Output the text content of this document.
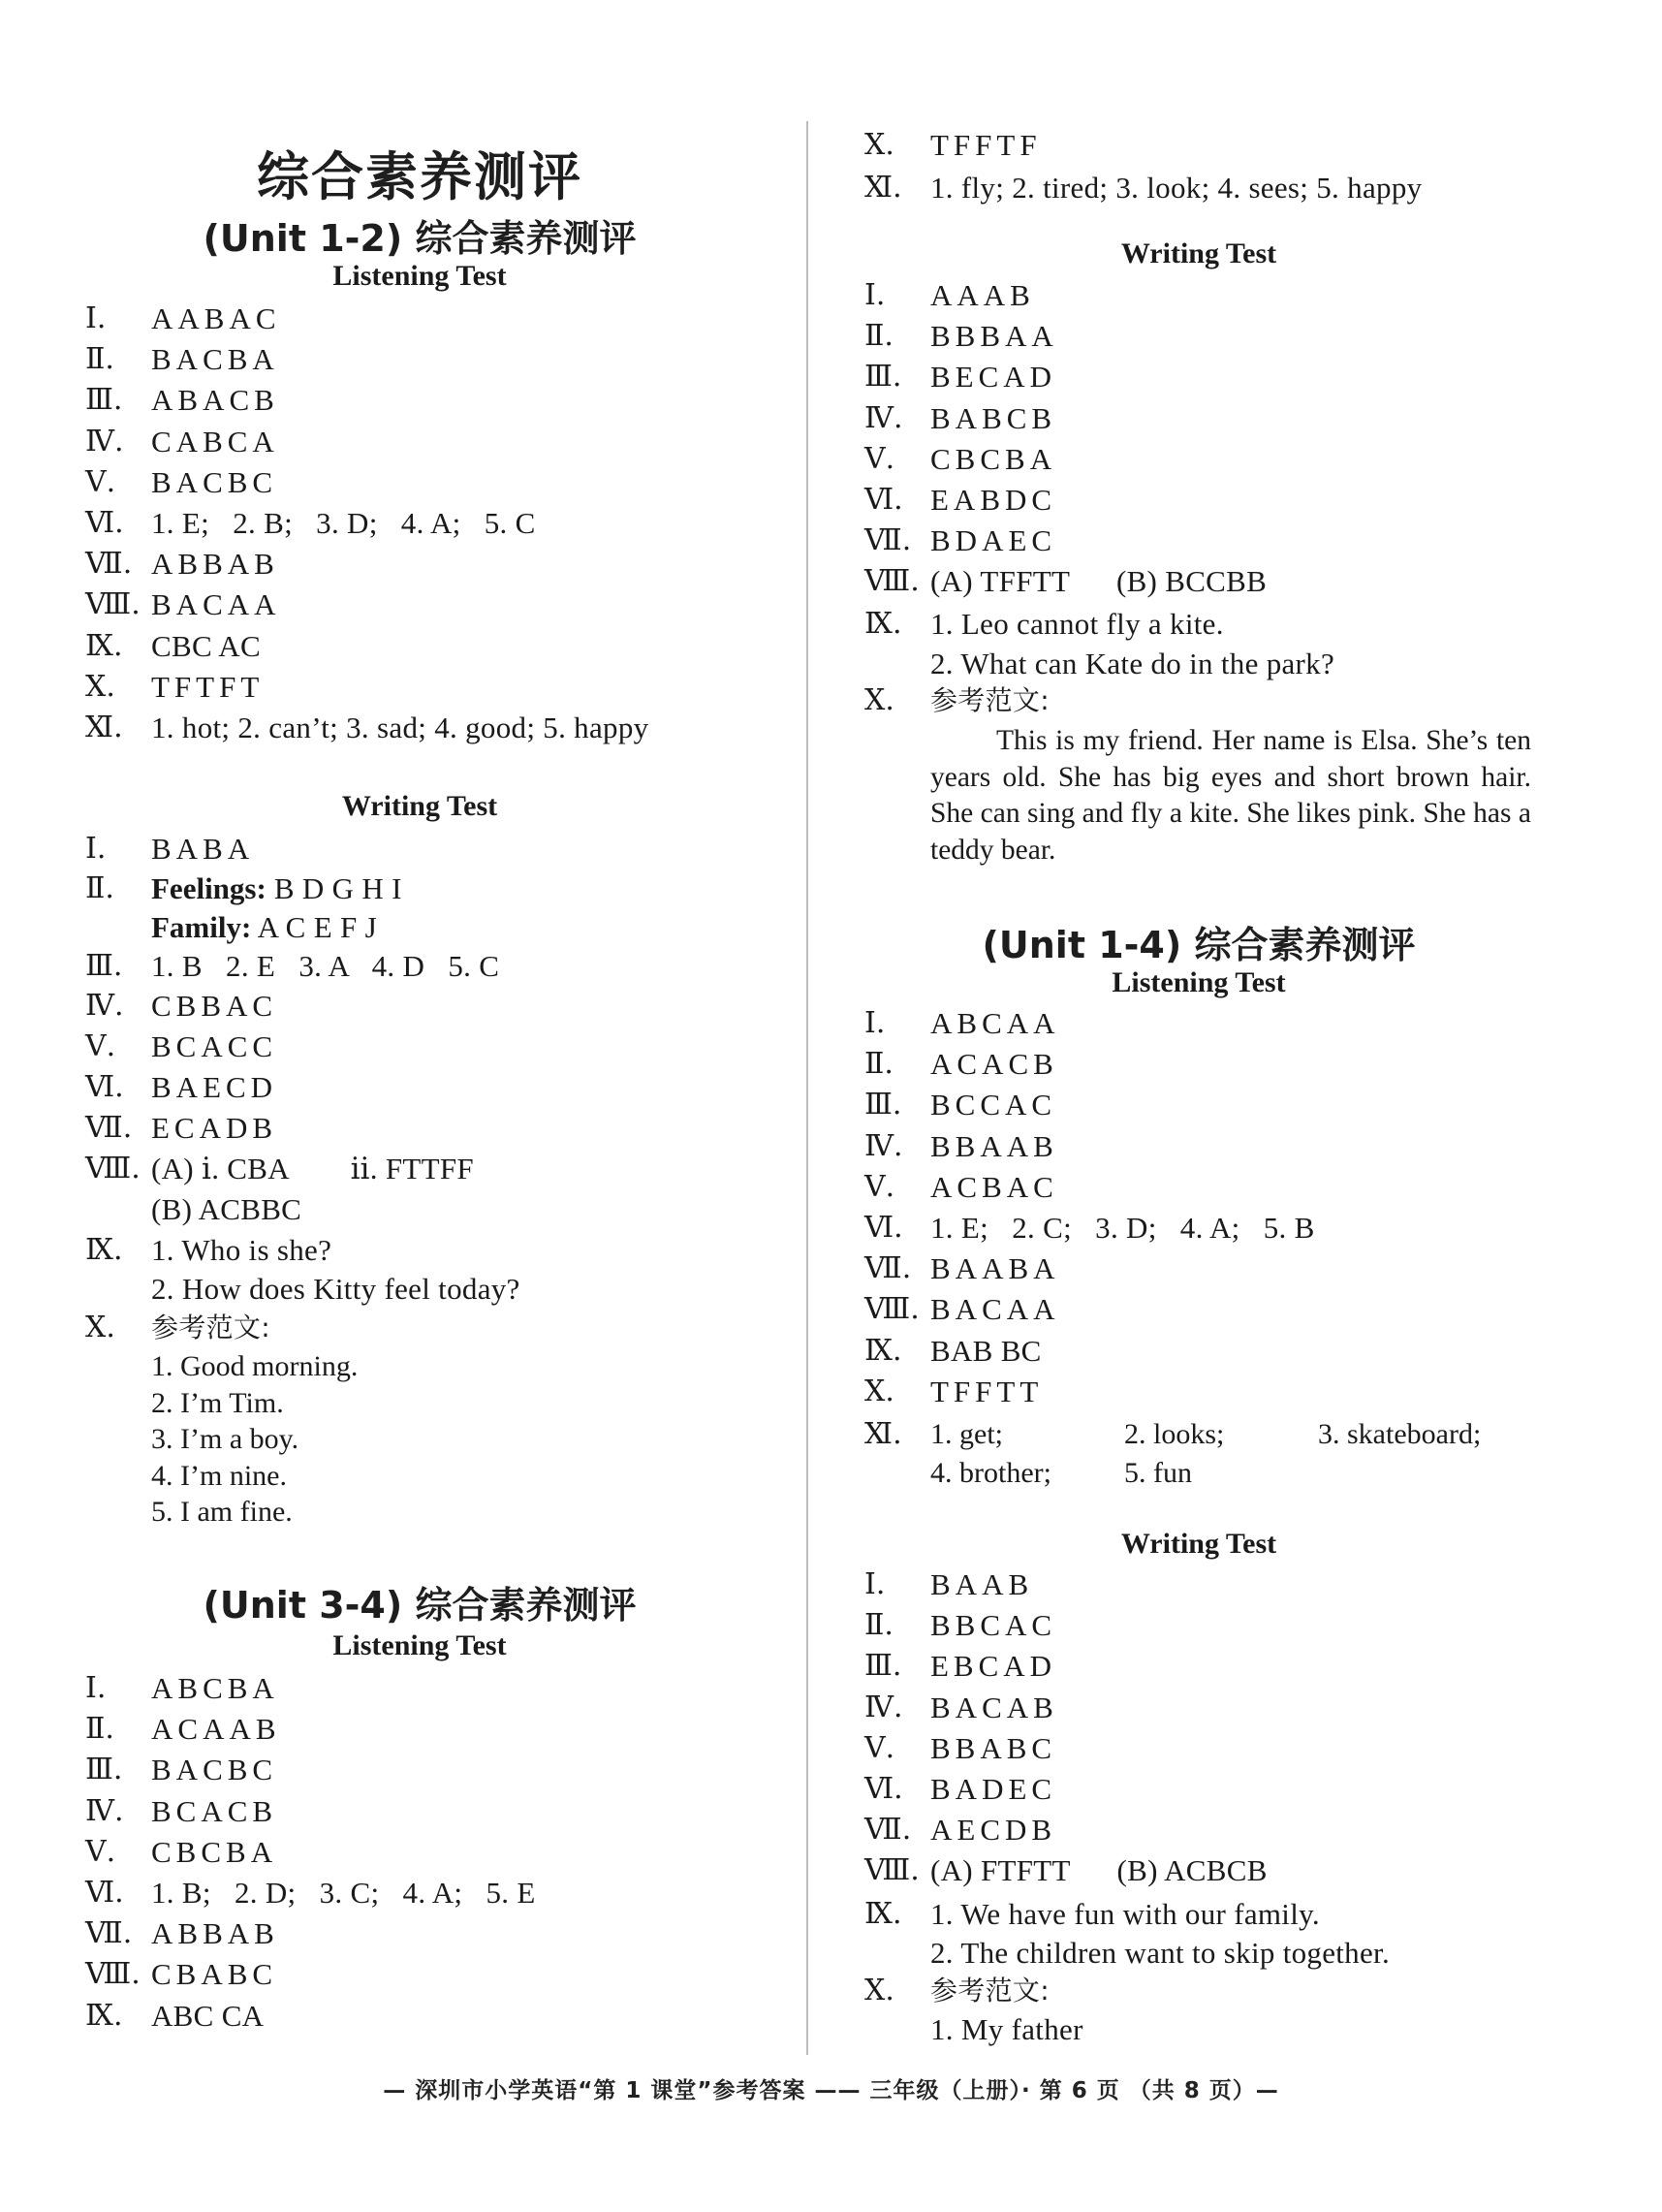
综合素养测评
(Unit 1-2) 综合素养测评
Listening Test
Ⅰ.	AABAC
Ⅱ.	BACBA
Ⅲ. ABACB
Ⅳ. CABCA
Ⅴ.	BACBC
Ⅵ. 1. E;   2. B;   3. D;   4. A;   5. C
Ⅶ. ABBAB
Ⅷ. BACAA
Ⅸ. CBC AC
Ⅹ.	TFTFT
Ⅺ. 1. hot; 2. can’t; 3. sad; 4. good; 5. happy
Writing Test
Ⅰ.	BABA
Ⅱ.	Feelings: B D G H I
Family: A C E F J
Ⅲ. 1. B   2. E   3. A   4. D   5. C
Ⅳ. CBBAC
Ⅴ.	BCACC
Ⅵ. BAECD
Ⅶ. ECADB
Ⅷ. (A) ⅰ. CBA        ⅱ. FTTFF
(B) ACBBC
Ⅸ. 1. Who is she?
2. How does Kitty feel today?
Ⅹ.	参考范文:
1. Good morning.
2. I’m Tim.
3. I’m a boy.
4. I’m nine.
5. I am fine.
(Unit 3-4) 综合素养测评
Listening Test
Ⅰ.	ABCBA
Ⅱ.	ACAAB
Ⅲ. BACBC
Ⅳ. BCACB
Ⅴ.	CBCBA
Ⅵ. 1. B;   2. D;   3. C;   4. A;   5. E
Ⅶ. ABBAB
Ⅷ. CBABC
Ⅸ. ABC CA
Ⅹ.	TFFTF
Ⅺ. 1. fly; 2. tired; 3. look; 4. sees; 5. happy
Writing Test
Ⅰ.	AAAB
Ⅱ.	BBBAA
Ⅲ. BECAD
Ⅳ. BABCB
Ⅴ.	CBCBA
Ⅵ. EABDC
Ⅶ. BDAEC
Ⅷ. (A) TFFTT      (B) BCCBB
Ⅸ. 1. Leo cannot fly a kite.
2. What can Kate do in the park?
Ⅹ.	参考范文:
This is my friend. Her name is Elsa. She’s ten years old. She has big eyes and short brown hair. She can sing and fly a kite. She likes pink. She has a teddy bear.
(Unit 1-4) 综合素养测评
Listening Test
Ⅰ.	ABCAA
Ⅱ.	ACACB
Ⅲ. BCCAC
Ⅳ. BBAAB
Ⅴ.	ACBAC
Ⅵ. 1. E;   2. C;   3. D;   4. A;   5. B
Ⅶ. BAABA
Ⅷ. BACAA
Ⅸ. BAB BC
Ⅹ.	TFFTT
Ⅺ. 1. get;	2. looks;	3. skateboard;
4. brother;	5. fun
Writing Test
Ⅰ.	BAAB
Ⅱ.	BBCAC
Ⅲ. EBCAD
Ⅳ. BACAB
Ⅴ.	BBABC
Ⅵ. BADEC
Ⅶ. AECDB
Ⅷ. (A) FTFTT      (B) ACBCB
Ⅸ. 1. We have fun with our family.
2. The children want to skip together.
Ⅹ.	参考范文:
1. My father
— 深圳市小学英语“第 1 课堂”参考答案 —— 三年级（上册）· 第 6 页 （共 8 页）—
